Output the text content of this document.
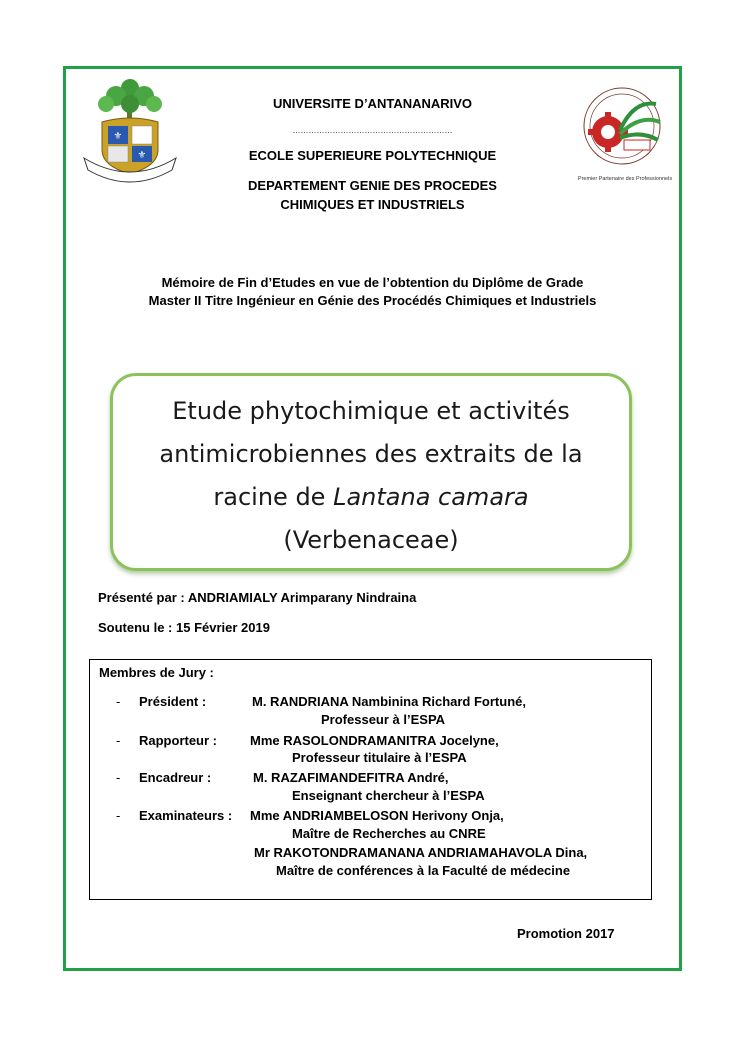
⚜
⚜
Premier Partenaire des Professionnels
UNIVERSITE D’ANTANANARIVO
……………………………………………………
ECOLE SUPERIEURE POLYTECHNIQUE
DEPARTEMENT GENIE DES PROCEDES
CHIMIQUES ET INDUSTRIELS
Mémoire de Fin d’Etudes en vue de l’obtention du Diplôme de Grade
Master II Titre Ingénieur en Génie des Procédés Chimiques et Industriels
Etude phytochimique et activités
antimicrobiennes des extraits de la
racine de Lantana camara
(Verbenaceae)
Présenté par : ANDRIAMIALY Arimparany Nindraina
Soutenu le : 15 Février 2019
Membres de Jury :
- Président :	M. RANDRIANA Nambinina Richard Fortuné,
Professeur à l’ESPA
- Rapporteur :	Mme RASOLONDRAMANITRA Jocelyne,
Professeur titulaire à l’ESPA
- Encadreur :	M. RAZAFIMANDEFITRA André,
Enseignant chercheur à l’ESPA
- Examinateurs : Mme ANDRIAMBELOSON Herivony Onja,
Maître de Recherches au CNRE
Mr RAKOTONDRAMANANA ANDRIAMAHAVOLA Dina,
Maître de conférences à la Faculté de médecine
Promotion 2017
